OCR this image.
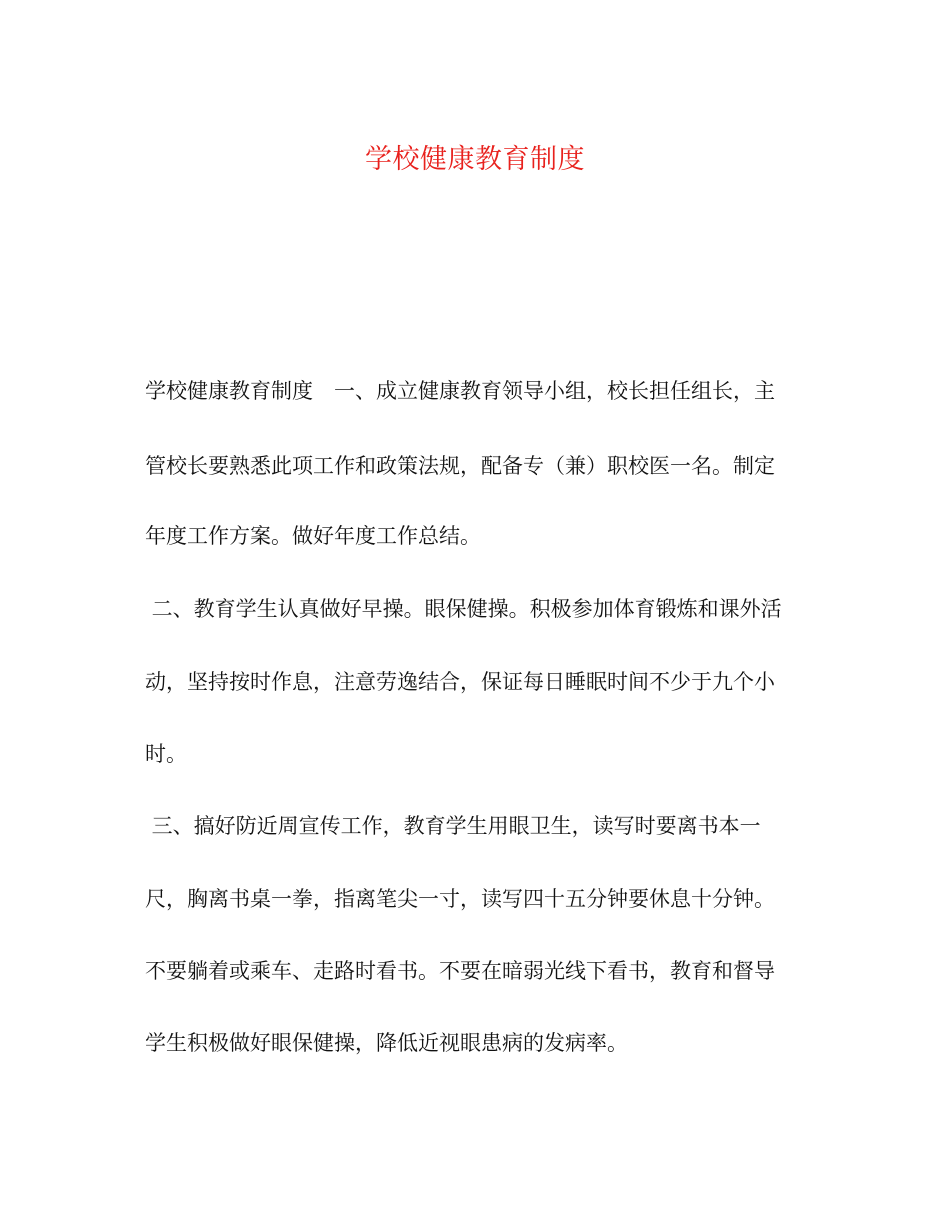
学校健康教育制度
学校健康教育制度　一、成立健康教育领导小组，校长担任组长，主
管校长要熟悉此项工作和政策法规，配备专（兼）职校医一名。制定
年度工作方案。做好年度工作总结。
二、教育学生认真做好早操。眼保健操。积极参加体育锻炼和课外活
动，坚持按时作息，注意劳逸结合，保证每日睡眠时间不少于九个小
时。
三、搞好防近周宣传工作，教育学生用眼卫生，读写时要离书本一
尺，胸离书桌一拳，指离笔尖一寸，读写四十五分钟要休息十分钟。
不要躺着或乘车、走路时看书。不要在暗弱光线下看书，教育和督导
学生积极做好眼保健操，降低近视眼患病的发病率。
